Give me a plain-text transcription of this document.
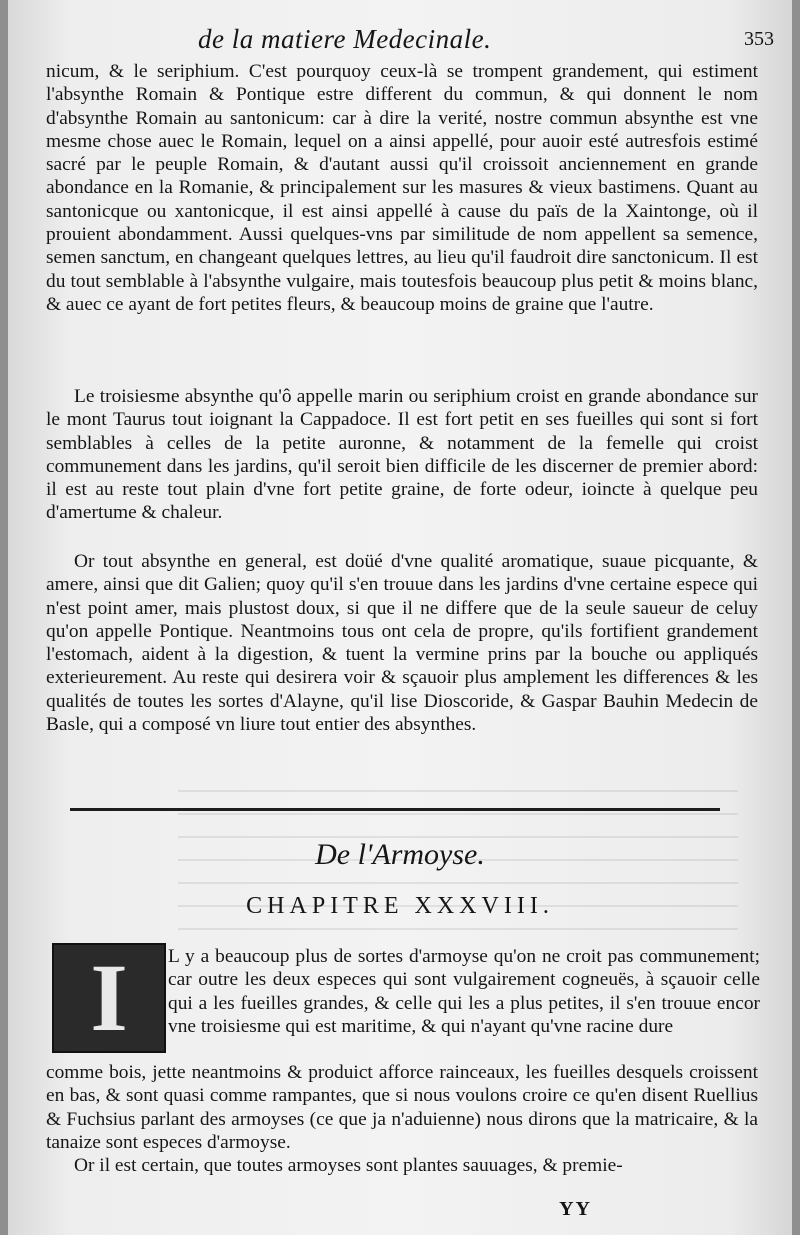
de la matiere Medecinale.	353

nicum, & le seriphium. C'est pourquoy ceux-là se trompent grandement, qui estiment l'absynthe Romain & Pontique estre different du commun, & qui donnent le nom d'absynthe Romain au santonicum: car à dire la verité, nostre commun absynthe est vne mesme chose auec le Romain, lequel on a ainsi appellé, pour auoir esté autresfois estimé sacré par le peuple Romain, & d'autant aussi qu'il croissoit anciennement en grande abondance en la Romanie, & principalement sur les masures & vieux bastimens. Quant au santonicque ou xantonicque, il est ainsi appellé à cause du païs de la Xaintonge, où il prouient abondamment. Aussi quelques-vns par similitude de nom appellent sa semence, semen sanctum, en changeant quelques lettres, au lieu qu'il faudroit dire sanctonicum. Il est du tout semblable à l'absynthe vulgaire, mais toutesfois beaucoup plus petit & moins blanc, & auec ce ayant de fort petites fleurs, & beaucoup moins de graine que l'autre.

Le troisiesme absynthe qu'ô appelle marin ou seriphium croist en grande abondance sur le mont Taurus tout ioignant la Cappadoce. Il est fort petit en ses fueilles qui sont si fort semblables à celles de la petite auronne, & notamment de la femelle qui croist communement dans les jardins, qu'il seroit bien difficile de les discerner de premier abord: il est au reste tout plain d'vne fort petite graine, de forte odeur, ioincte à quelque peu d'amertume & chaleur.

Or tout absynthe en general, est doüé d'vne qualité aromatique, suaue picquante, & amere, ainsi que dit Galien; quoy qu'il s'en trouue dans les jardins d'vne certaine espece qui n'est point amer, mais plustost doux, si que il ne differe que de la seule saueur de celuy qu'on appelle Pontique. Neantmoins tous ont cela de propre, qu'ils fortifient grandement l'estomach, aident à la digestion, & tuent la vermine prins par la bouche ou appliqués exterieurement. Au reste qui desirera voir & sçauoir plus amplement les differences & les qualités de toutes les sortes d'Alayne, qu'il lise Dioscoride, & Gaspar Bauhin Medecin de Basle, qui a composé vn liure tout entier des absynthes.

De l'Armoyse.
CHAPITRE XXXVIII.
I L y a beaucoup plus de sortes d'armoyse qu'on ne croit pas communement; car outre les deux especes qui sont vulgairement cogneuës, à sçauoir celle qui a les fueilles grandes, & celle qui les a plus petites, il s'en trouue encor vne troisiesme qui est maritime, & qui n'ayant qu'vne racine dure

comme bois, jette neantmoins & produict afforce rainceaux, les fueilles desquels croissent en bas, & sont quasi comme rampantes, que si nous voulons croire ce qu'en disent Ruellius & Fuchsius parlant des armoyses (ce que ja n'aduienne) nous dirons que la matricaire, & la tanaize sont especes d'armoyse.

Or il est certain, que toutes armoyses sont plantes sauuages, & premie-

YY
